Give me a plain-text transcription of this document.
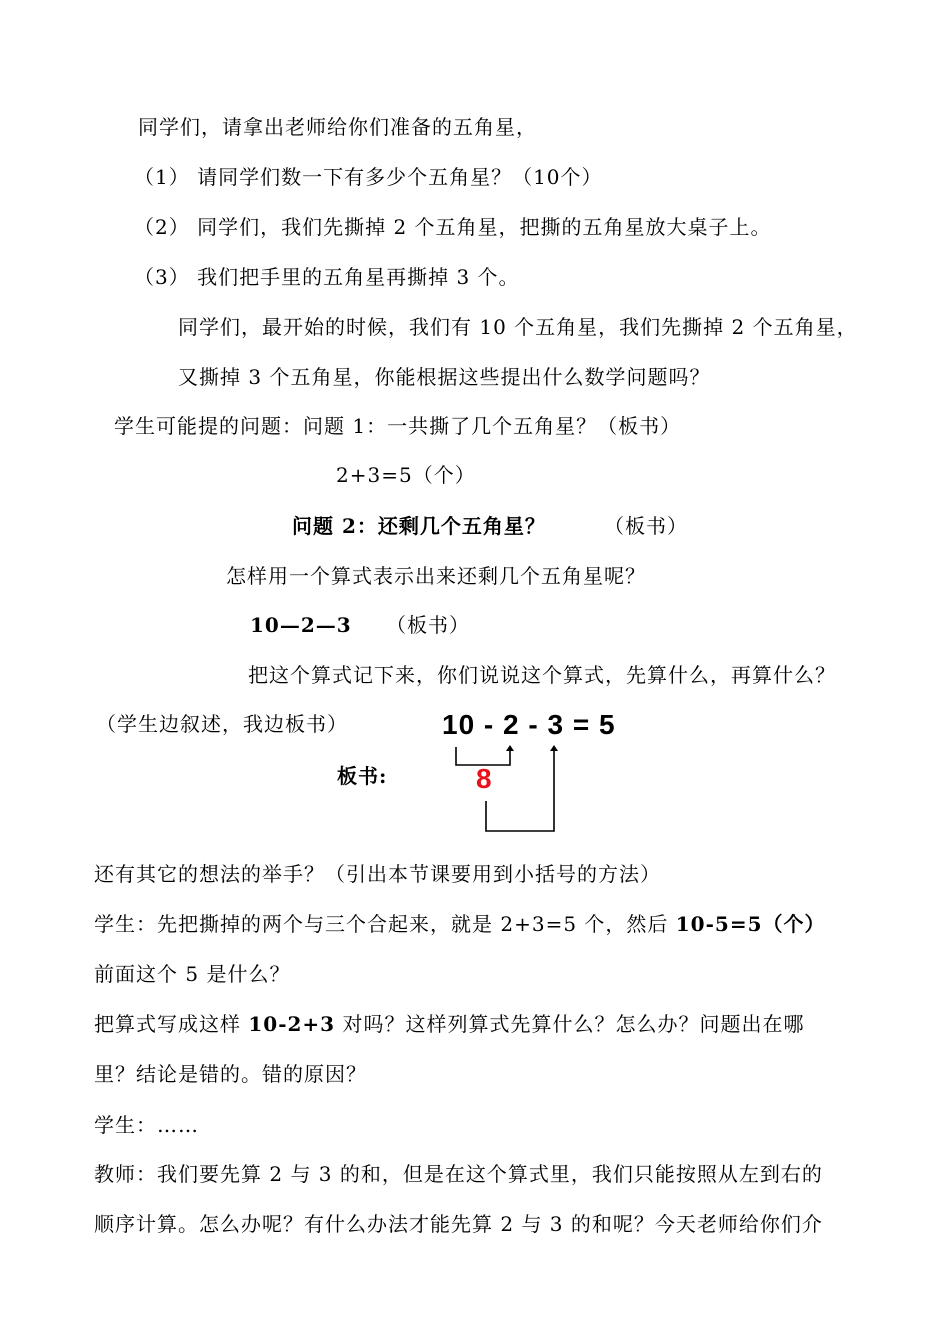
同学们，请拿出老师给你们准备的五角星，
（1） 请同学们数一下有多少个五角星？（10个）
（2） 同学们，我们先撕掉 2 个五角星，把撕的五角星放大桌子上。
（3） 我们把手里的五角星再撕掉 3 个。
同学们，最开始的时候，我们有 10 个五角星，我们先撕掉 2 个五角星，
又撕掉 3 个五角星，你能根据这些提出什么数学问题吗？
学生可能提的问题：问题 1：一共撕了几个五角星？（板书）
2+3=5（个）
问题 2：还剩几个五角星？	（板书）
怎样用一个算式表示出来还剩几个五角星呢？
10—2—3 （板书）
把这个算式记下来，你们说说这个算式，先算什么，再算什么？
（学生边叙述，我边板书）
板书:
10 - 2 - 3 = 5
8
还有其它的想法的举手？（引出本节课要用到小括号的方法）
学生：先把撕掉的两个与三个合起来，就是 2+3=5 个，然后 10-5=5（个）
前面这个 5 是什么？
把算式写成这样 10-2+3 对吗？这样列算式先算什么？怎么办？问题出在哪
里？结论是错的。错的原因？
学生：……
教师：我们要先算 2 与 3 的和，但是在这个算式里，我们只能按照从左到右的
顺序计算。怎么办呢？有什么办法才能先算 2 与 3 的和呢？今天老师给你们介
